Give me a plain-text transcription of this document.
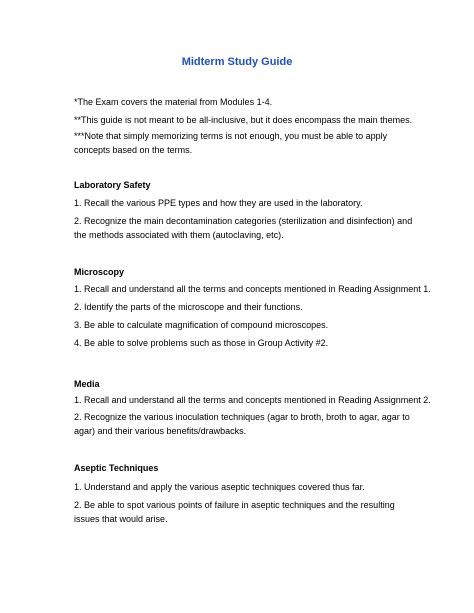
Midterm Study Guide
*The Exam covers the material from Modules 1-4.
**This guide is not meant to be all-inclusive, but it does encompass the main themes.
***Note that simply memorizing terms is not enough, you must be able to apply concepts based on the terms.
Laboratory Safety
1. Recall the various PPE types and how they are used in the laboratory.
2. Recognize the main decontamination categories (sterilization and disinfection) and the methods associated with them (autoclaving, etc).
Microscopy
1. Recall and understand all the terms and concepts mentioned in Reading Assignment 1.
2. Identify the parts of the microscope and their functions.
3. Be able to calculate magnification of compound microscopes.
4. Be able to solve problems such as those in Group Activity #2.
Media
1. Recall and understand all the terms and concepts mentioned in Reading Assignment 2.
2. Recognize the various inoculation techniques (agar to broth, broth to agar, agar to agar) and their various benefits/drawbacks.
Aseptic Techniques
1. Understand and apply the various aseptic techniques covered thus far.
2. Be able to spot various points of failure in aseptic techniques and the resulting issues that would arise.
